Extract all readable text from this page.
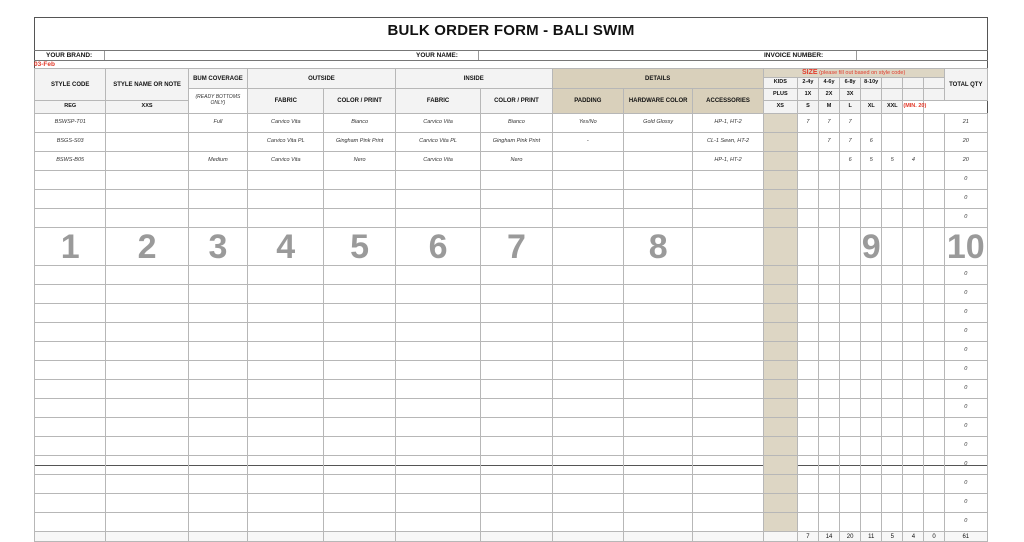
BULK ORDER FORM - BALI SWIM
YOUR BRAND:	YOUR NAME:	INVOICE NUMBER:
03-Feb
STYLE CODE	STYLE NAME OR NOTE	BUM COVERAGE	OUTSIDE		INSIDE		DETAILS			SIZE (please fill out based on style code)								TOTAL QTY
										KIDS	2-4y	4-6y	6-8y	8-10y				
		(READY BOTTOMS ONLY)	FABRIC	COLOR / PRINT	FABRIC	COLOR / PRINT	PADDING	HARDWARE COLOR	ACCESSORIES	PLUS	1X	2X	3X					
REG	XXS									XS	S	M	L	XL	XXL	(MIN. 20)		
BSWSP-T01		Full	Carvico Vita	Bianco	Carvico Vita	Bianco	Yes/No	Gold Glossy	HP-1, HT-2		7	7	7					21
BSGS-S03			Carvico Vita PL	Gingham Pink Print	Carvico Vita PL	Gingham Pink Print	-		CL-1 Sewn, HT-2			7	7	6				20
BSWS-B05		Medium	Carvico Vita	Nero	Carvico Vita	Nero			HP-1, HT-2				6	5	5	4		20
																		0
																		0
																		0
1	2	3	4	5	6	7		8						9				10
																		0
																		0
																		0
																		0
																		0
																		0
																		0
																		0
																		0
																		0
																		0
																		0
																		0
																		0
											7	14	20	11	5	4	0	61
